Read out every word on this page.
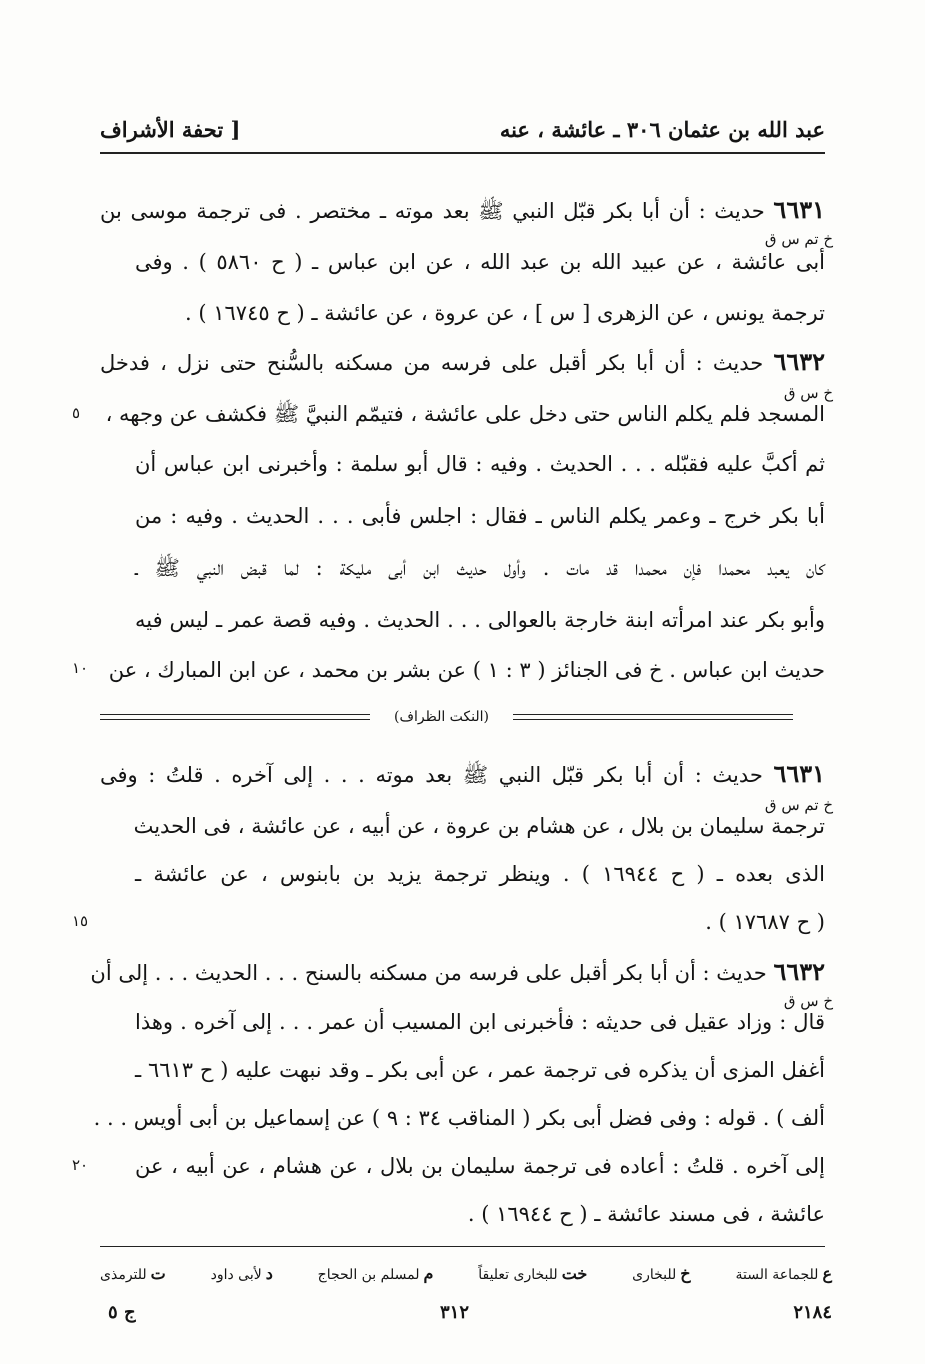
عبد الله بن عثمان ٣٠٦ ـ عائشة ، عنه
[ تحفة الأشراف
٦٦٣١ حديث : أن أبا بكر قبّل النبي ﷺ بعد موته ـ مختصر . فى ترجمة موسى بن
خ تم س ق
أبى عائشة ، عن عبيد الله بن عبد الله ، عن ابن عباس ـ ( ح ٥٨٦٠ ) . وفى
ترجمة يونس ، عن الزهرى [ س ] ، عن عروة ، عن عائشة ـ ( ح ١٦٧٤٥ ) .
٦٦٣٢ حديث : أن أبا بكر أقبل على فرسه من مسكنه بالسُّنح حتى نزل ، فدخل
خ س ق
المسجد فلم يكلم الناس حتى دخل على عائشة ، فتيمّم النبيَّ ﷺ فكشف عن وجهه ،
٥
ثم أكبَّ عليه فقبّله . . . الحديث . وفيه : قال أبو سلمة : وأخبرنى ابن عباس أن
أبا بكر خرج ـ وعمر يكلم الناس ـ فقال : اجلس فأبى . . . الحديث . وفيه : من
كان يعبد محمدا فإن محمدا قد مات . وأول حديث ابن أبى مليكة : لما قبض النبي ﷺ ـ
وأبو بكر عند امرأته ابنة خارجة بالعوالى . . . الحديث . وفيه قصة عمر ـ ليس فيه
حديث ابن عباس . خ فى الجنائز ( ٣ : ١ ) عن بشر بن محمد ، عن ابن المبارك ، عن
١٠
(النكت الظراف)
٦٦٣١ حديث : أن أبا بكر قبّل النبي ﷺ بعد موته . . . إلى آخره . قلتُ : وفى
خ تم س ق
ترجمة سليمان بن بلال ، عن هشام بن عروة ، عن أبيه ، عن عائشة ، فى الحديث
الذى بعده ـ ( ح ١٦٩٤٤ ) . وينظر ترجمة يزيد بن بابنوس ، عن عائشة ـ
( ح ١٧٦٨٧ ) .
١٥
٦٦٣٢ حديث : أن أبا بكر أقبل على فرسه من مسكنه بالسنح . . . الحديث . . . إلى أن
خ س ق
قال : وزاد عقيل فى حديثه : فأخبرنى ابن المسيب أن عمر . . . إلى آخره . وهذا
أغفل المزى أن يذكره فى ترجمة عمر ، عن أبى بكر ـ وقد نبهت عليه ( ح ٦٦١٣ ـ
ألف ) . قوله : وفى فضل أبى بكر ( المناقب ٣٤ : ٩ ) عن إسماعيل بن أبى أويس . . .
إلى آخره . قلتُ : أعاده فى ترجمة سليمان بن بلال ، عن هشام ، عن أبيه ، عن
٢٠
عائشة ، فى مسند عائشة ـ ( ح ١٦٩٤٤ ) .
ع
للجماعة الستة
خ
للبخارى
خت
للبخارى تعليقاً
م
لمسلم بن الحجاج
د
لأبى داود
ت
للترمذى
٢١٨٤
٣١٢
ج ٥
